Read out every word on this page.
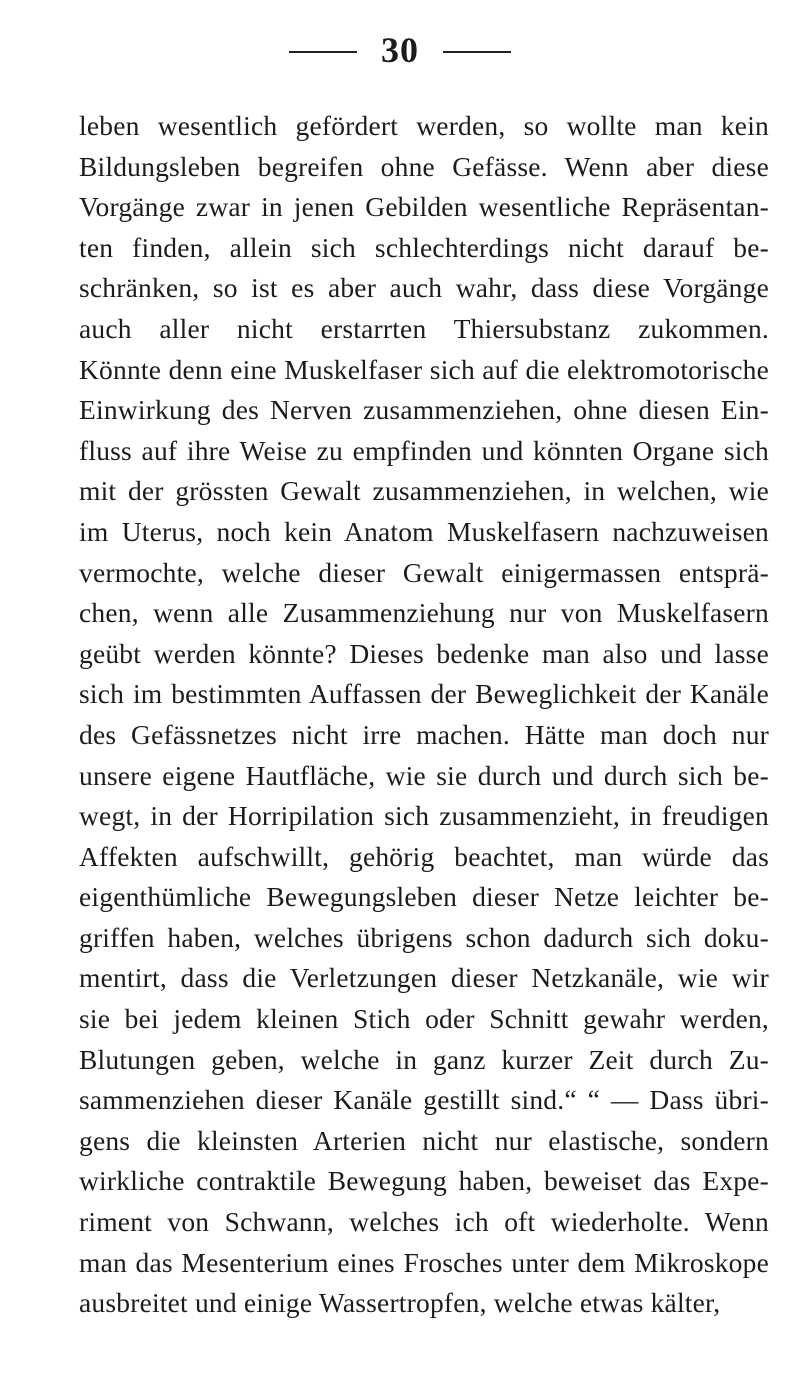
30
leben wesentlich gefördert werden, so wollte man kein
Bildungsleben begreifen ohne Gefässe. Wenn aber diese
Vorgänge zwar in jenen Gebilden wesentliche Repräsentan-
ten finden, allein sich schlechterdings nicht darauf be-
schränken, so ist es aber auch wahr, dass diese Vorgänge
auch aller nicht erstarrten Thiersubstanz zukommen.
Könnte denn eine Muskelfaser sich auf die elektromotorische
Einwirkung des Nerven zusammenziehen, ohne diesen Ein-
fluss auf ihre Weise zu empfinden und könnten Organe sich
mit der grössten Gewalt zusammenziehen, in welchen, wie
im Uterus, noch kein Anatom Muskelfasern nachzuweisen
vermochte, welche dieser Gewalt einigermassen entsprä-
chen, wenn alle Zusammenziehung nur von Muskelfasern
geübt werden könnte? Dieses bedenke man also und lasse
sich im bestimmten Auffassen der Beweglichkeit der Kanäle
des Gefässnetzes nicht irre machen. Hätte man doch nur
unsere eigene Hautfläche, wie sie durch und durch sich be-
wegt, in der Horripilation sich zusammenzieht, in freudigen
Affekten aufschwillt, gehörig beachtet, man würde das
eigenthümliche Bewegungsleben dieser Netze leichter be-
griffen haben, welches übrigens schon dadurch sich doku-
mentirt, dass die Verletzungen dieser Netzkanäle, wie wir
sie bei jedem kleinen Stich oder Schnitt gewahr werden,
Blutungen geben, welche in ganz kurzer Zeit durch Zu-
sammenziehen dieser Kanäle gestillt sind.“ “ — Dass übri-
gens die kleinsten Arterien nicht nur elastische, sondern
wirkliche contraktile Bewegung haben, beweiset das Expe-
riment von Schwann, welches ich oft wiederholte. Wenn
man das Mesenterium eines Frosches unter dem Mikroskope
ausbreitet und einige Wassertropfen, welche etwas kälter,
